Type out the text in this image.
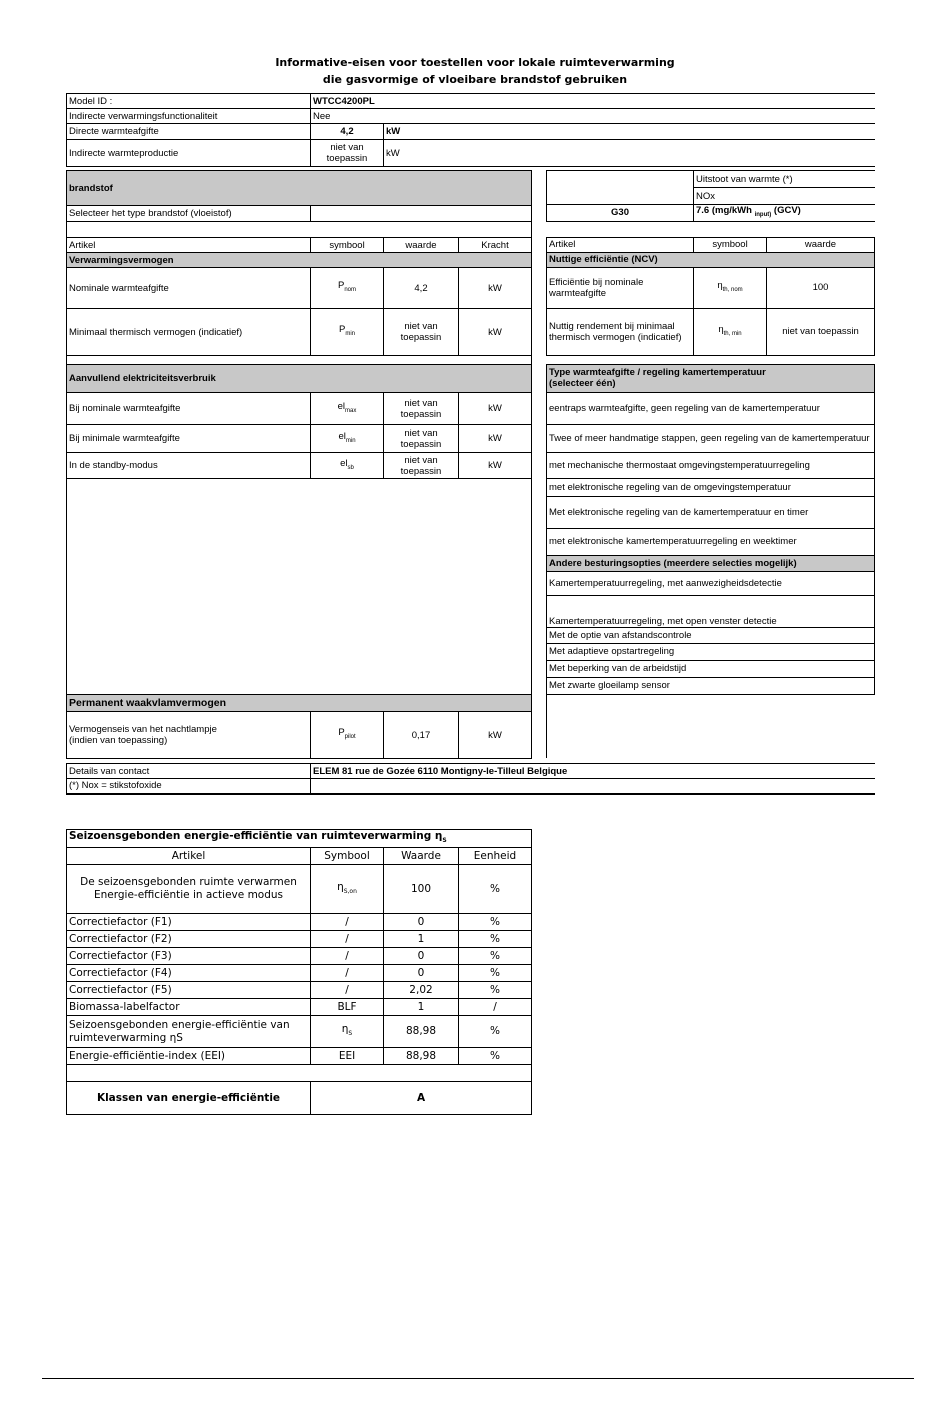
Informative-eisen voor toestellen voor lokale ruimteverwarming
die gasvormige of vloeibare brandstof gebruiken
Model ID :	WTCC4200PL	
Indirecte verwarmingsfunctionaliteit	Nee	
Directe warmteafgifte	4,2	kW
Indirecte warmteproductie	niet van toepassin	kW
brandstof			
Selecteer het type brandstof (vloeistof)			

Artikel	symbool	waarde	Kracht
Verwarmingsvermogen			
Nominale warmteafgifte	$P_{nom}$	4,2	kW
Minimaal thermisch vermogen (indicatief)	$P_{min}$	niet van toepassin	kW

Aanvullend elektriciteitsverbruik			
Bij nominale warmteafgifte	$el_{max}$	niet van toepassin	kW
Bij minimale warmteafgifte	$el_{min}$	niet van toepassin	kW
In de standby-modus	$el_{sb}$	niet van toepassin	kW

Permanent waakvlamvermogen			

Vermogenseis van het nachtlampje
(indien van toepassing)	$P_{pilot}$	0,17	kW
	Uitstoot van warmte (*)	
	NOx	
G30	7.6 (mg/kWh $_{input)}$ (GCV)	

Artikel	symbool	waarde
Nuttige efficiëntie (NCV)		
Efficiëntie bij nominale warmteafgifte	$\eta_{th, nom}$	100
Nuttig rendement bij minimaal thermisch vermogen (indicatief)	$\eta_{th, min}$	niet van toepassin

Type warmteafgifte / regeling kamertemperatuur
(selecteer één)		

eentraps warmteafgifte, geen regeling van de kamertemperatuur		
Twee of meer handmatige stappen, geen regeling van de kamertemperatuur		
met mechanische thermostaat omgevingstemperatuurregeling		
met elektronische regeling van de omgevingstemperatuur		
Met elektronische regeling van de kamertemperatuur en timer		
met elektronische kamertemperatuurregeling en weektimer		
Andere besturingsopties (meerdere selecties mogelijk)		
Kamertemperatuurregeling, met aanwezigheidsdetectie		
Kamertemperatuurregeling, met open venster detectie		
Met de optie van afstandscontrole		
Met adaptieve opstartregeling		
Met beperking van de arbeidstijd		
Met zwarte gloeilamp sensor		

Details van contact	ELEM 81 rue de Gozée 6110 Montigny-le-Tilleul Belgique
(*) Nox = stikstofoxide	
Seizoensgebonden energie-efficiëntie van ruimteverwarming $\eta_S$
Artikel	Symbool	Waarde	Eenheid

De seizoensgebonden ruimte verwarmen
Energie-efficiëntie in actieve modus	$\eta_{S,on}$	100	%
Correctiefactor (F1)	/	0	%
Correctiefactor (F2)	/	1	%
Correctiefactor (F3)	/	0	%
Correctiefactor (F4)	/	0	%
Correctiefactor (F5)	/	2,02	%
Biomassa-labelfactor	BLF	1	/

Seizoensgebonden energie-efficiëntie van
ruimteverwarming ηS	$\eta_S$	88,98	%
Energie-efficiëntie-index (EEI)	EEI	88,98	%

Klassen van energie-efficiëntie	A		
